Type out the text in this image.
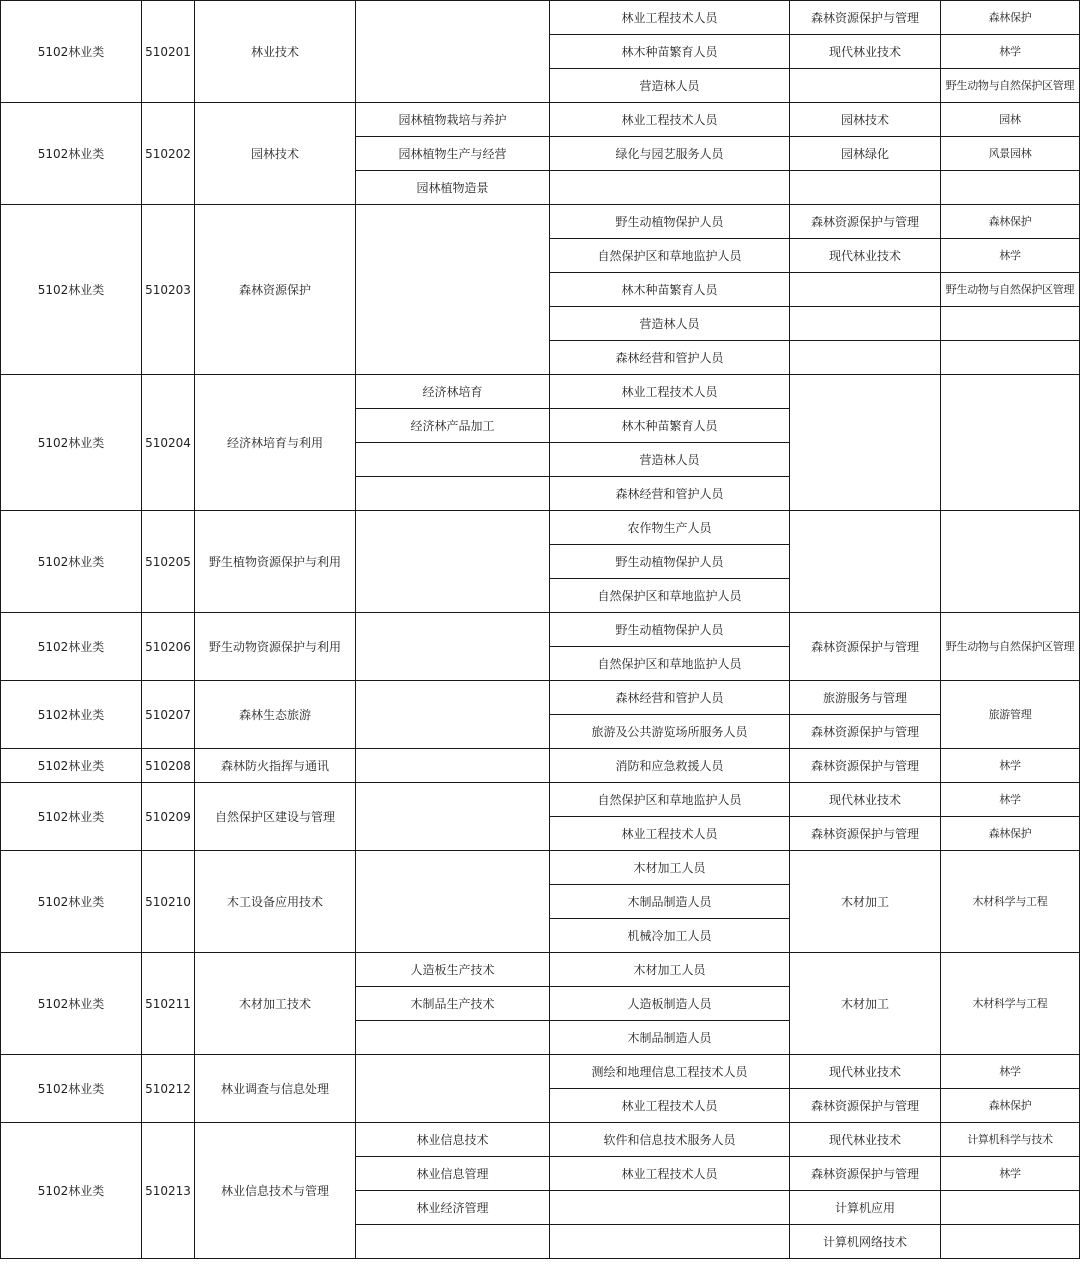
5102林业类	510201	林业技术		林业工程技术人员	森林资源保护与管理	森林保护
				林木种苗繁育人员	现代林业技术	林学
				营造林人员		野生动物与自然保护区管理
5102林业类	510202	园林技术	园林植物栽培与养护	林业工程技术人员	园林技术	园林
			园林植物生产与经营	绿化与园艺服务人员	园林绿化	风景园林
			园林植物造景			
5102林业类	510203	森林资源保护		野生动植物保护人员	森林资源保护与管理	森林保护
				自然保护区和草地监护人员	现代林业技术	林学
				林木种苗繁育人员		野生动物与自然保护区管理
				营造林人员		
				森林经营和管护人员		
5102林业类	510204	经济林培育与利用	经济林培育	林业工程技术人员		
			经济林产品加工	林木种苗繁育人员		
				营造林人员		
				森林经营和管护人员		
5102林业类	510205	野生植物资源保护与利用		农作物生产人员		
				野生动植物保护人员		
				自然保护区和草地监护人员		
5102林业类	510206	野生动物资源保护与利用		野生动植物保护人员	森林资源保护与管理	野生动物与自然保护区管理
				自然保护区和草地监护人员		
5102林业类	510207	森林生态旅游		森林经营和管护人员	旅游服务与管理	旅游管理
				旅游及公共游览场所服务人员	森林资源保护与管理	
5102林业类	510208	森林防火指挥与通讯		消防和应急救援人员	森林资源保护与管理	林学
5102林业类	510209	自然保护区建设与管理		自然保护区和草地监护人员	现代林业技术	林学
				林业工程技术人员	森林资源保护与管理	森林保护
5102林业类	510210	木工设备应用技术		木材加工人员	木材加工	木材科学与工程
				木制品制造人员		
				机械冷加工人员		
5102林业类	510211	木材加工技术	人造板生产技术	木材加工人员	木材加工	木材科学与工程
			木制品生产技术	人造板制造人员		
				木制品制造人员		
5102林业类	510212	林业调查与信息处理		测绘和地理信息工程技术人员	现代林业技术	林学
				林业工程技术人员	森林资源保护与管理	森林保护
5102林业类	510213	林业信息技术与管理	林业信息技术	软件和信息技术服务人员	现代林业技术	计算机科学与技术
			林业信息管理	林业工程技术人员	森林资源保护与管理	林学
			林业经济管理		计算机应用	
					计算机网络技术	
